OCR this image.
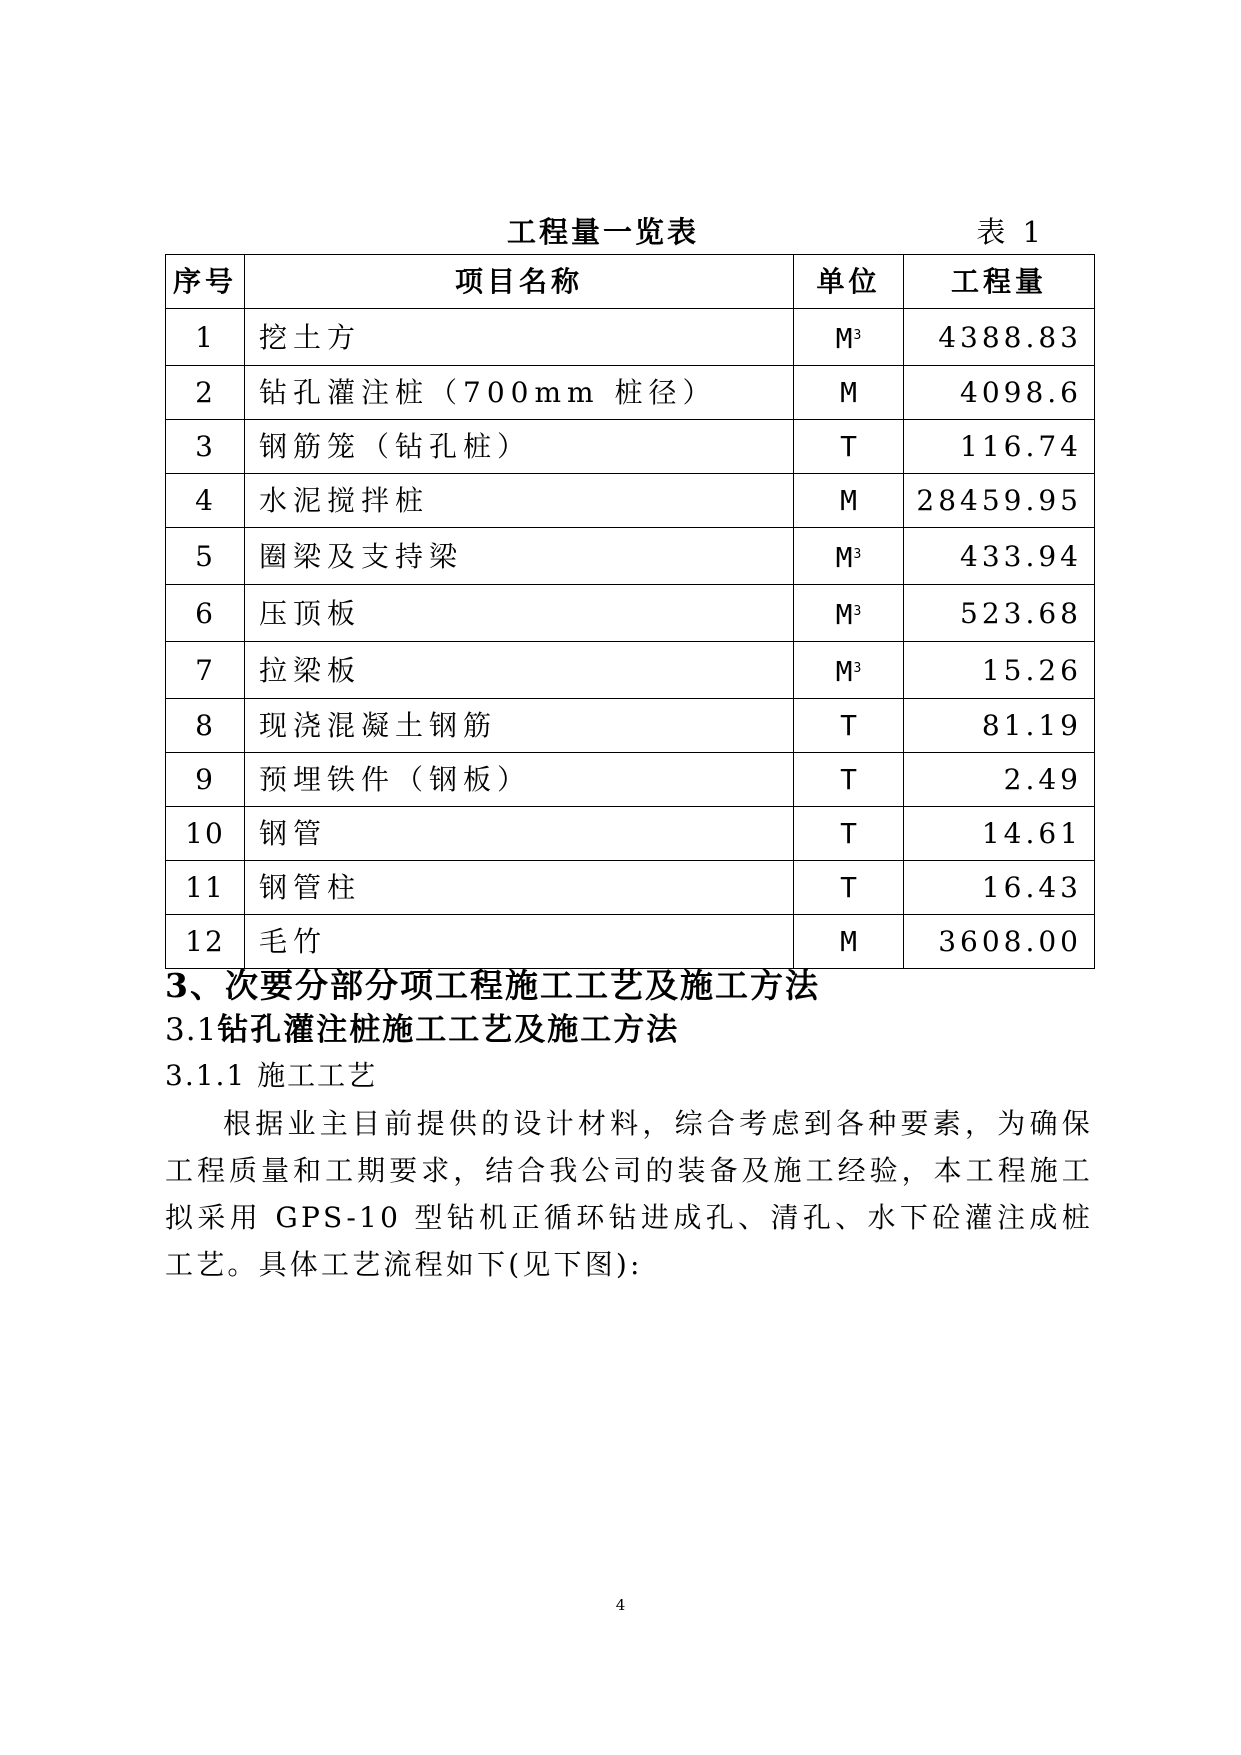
工程量一览表	表 1
序号	项目名称	单位	工程量
1	挖土方	$M^3$	4388.83
2	钻孔灌注桩（700mm 桩径）	M	4098.6
3	钢筋笼（钻孔桩）	T	116.74
4	水泥搅拌桩	M	28459.95
5	圈梁及支持梁	$M^3$	433.94
6	压顶板	$M^3$	523.68
7	拉梁板	$M^3$	15.26
8	现浇混凝土钢筋	T	81.19
9	预埋铁件（钢板）	T	2.49
10	钢管	T	14.61
11	钢管柱	T	16.43
12	毛竹	M	3608.00
3、次要分部分项工程施工工艺及施工方法
3.1钻孔灌注桩施工工艺及施工方法
3.1.1 施工工艺

根据业主目前提供的设计材料，综合考虑到各种要素，为确保工程质量和工期要求，结合我公司的装备及施工经验，本工程施工拟采用 GPS-10 型钻机正循环钻进成孔、清孔、水下砼灌注成桩工艺。具体工艺流程如下(见下图):

4
